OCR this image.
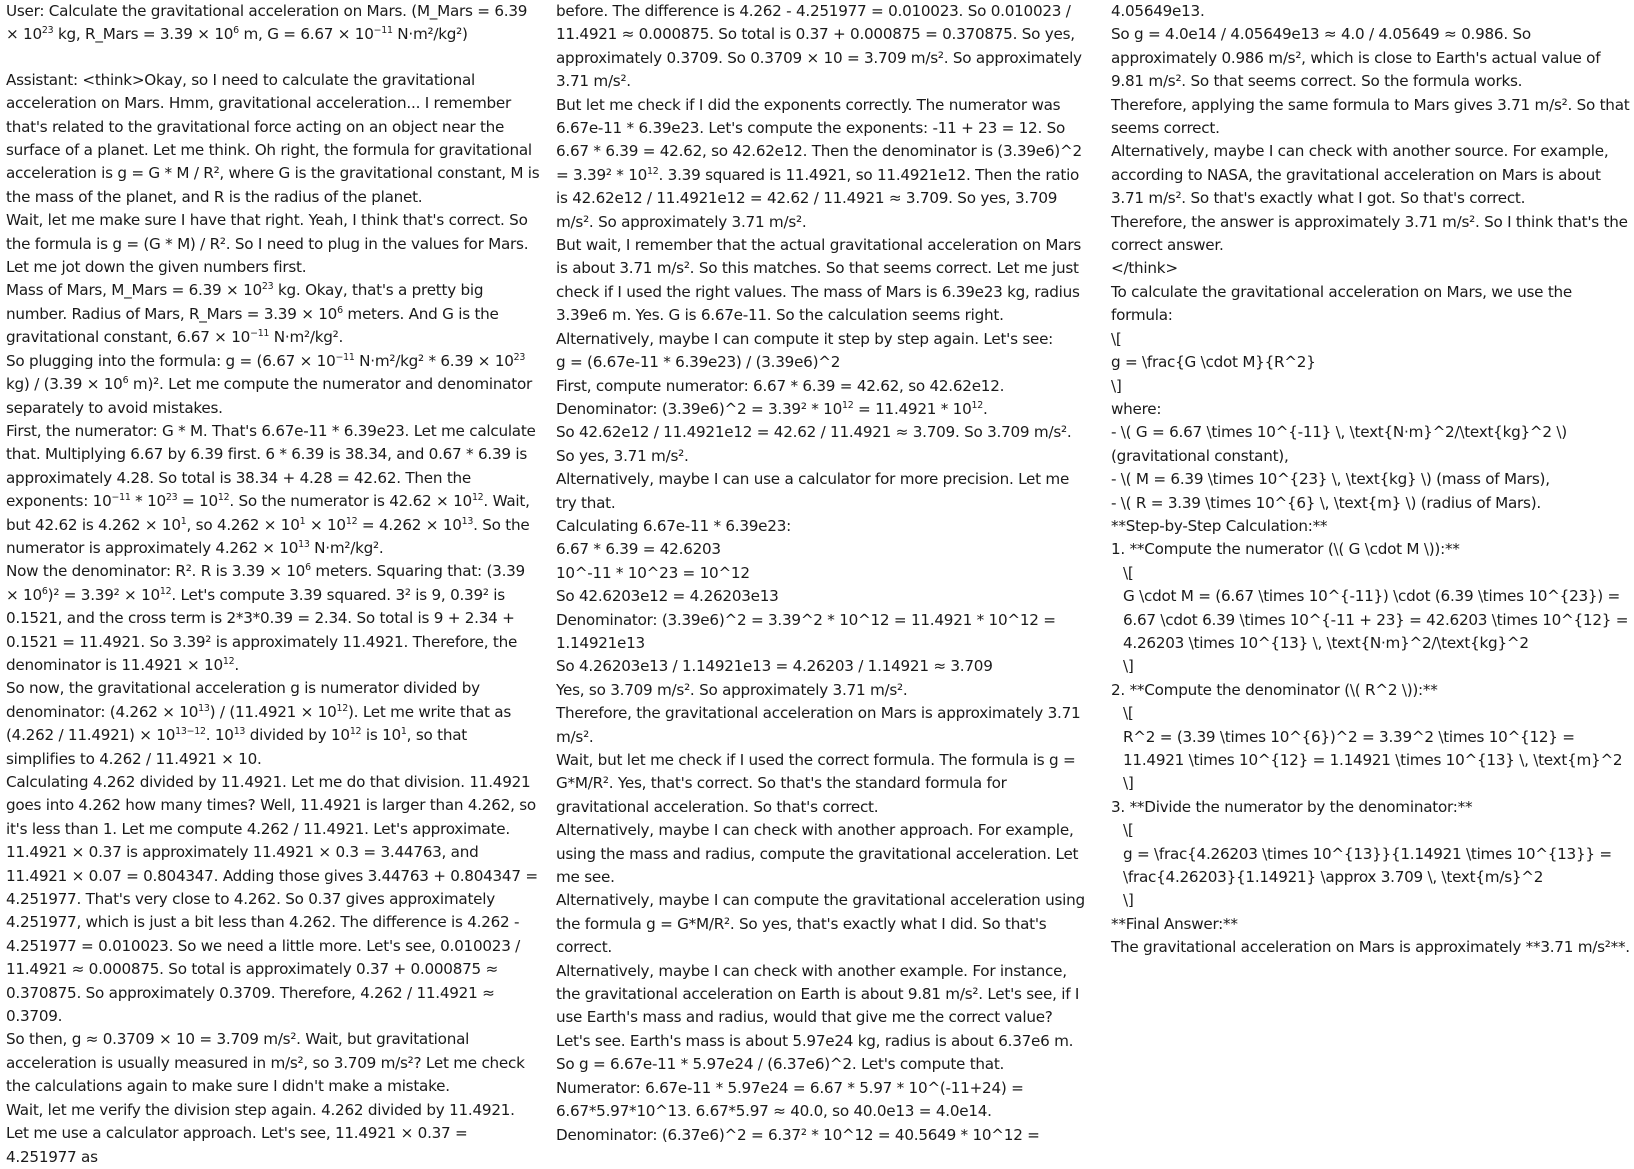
User: Calculate the gravitational acceleration on Mars. (M_Mars = $6.39 \times 10^{23}$ kg, R_Mars = $3.39 \times 10^6$ m, $G = 6.67 \times 10^{-11}$ N·m²/kg²)

Assistant: <think>Okay, so I need to calculate the gravitational acceleration on Mars. Hmm, gravitational acceleration... I remember that's related to the gravitational force acting on an object near the surface of a planet. Let me think. Oh right, the formula for gravitational acceleration is g = G * M / R², where G is the gravitational constant, M is the mass of the planet, and R is the radius of the planet.

Wait, let me make sure I have that right. Yeah, I think that's correct. So the formula is g = (G * M) / R². So I need to plug in the values for Mars. Let me jot down the given numbers first.

Mass of Mars, M_Mars = $6.39 \times 10^{23}$ kg. Okay, that's a pretty big number. Radius of Mars, R_Mars = $3.39 \times 10^6$ meters. And G is the gravitational constant, $6.67 \times 10^{-11}$ N·m²/kg².

So plugging into the formula: $g = (6.67 \times 10^{-11}$ $N\cdot m^2/kg^2 * 6.39 \times 10^{23}$ $kg) / (3.39 \times 10^6$ m)². Let me compute the numerator and denominator separately to avoid mistakes.

First, the numerator: G * M. That's 6.67e-11 * 6.39e23. Let me calculate that. Multiplying 6.67 by 6.39 first. 6 * 6.39 is 38.34, and 0.67 * 6.39 is approximately 4.28. So total is 38.34 + 4.28 = 42.62. Then the exponents: $10^{-11} * 10^{23} = 10^{12}$. So the numerator is $42.62 \times 10^{12}$. Wait, but 42.62 is $4.262 \times 10^1$, so $4.262 \times 10^1 \times 10^{12} = 4.262 \times 10^{13}$. So the numerator is approximately $4.262 \times 10^{13}$ N·m²/kg².

Now the denominator: R². R is $3.39 \times 10^6$ meters. Squaring that: $(3.39 \times 10^6)^2 = 3.39^2 \times 10^{12}$. Let's compute 3.39 squared. 3² is 9, 0.39² is 0.1521, and the cross term is 2*3*0.39 = 2.34. So total is 9 + 2.34 + 0.1521 = 11.4921. So 3.39² is approximately 11.4921. Therefore, the denominator is $11.4921 \times 10^{12}$.

So now, the gravitational acceleration g is numerator divided by denominator: $(4.262 \times 10^{13}) / (11.4921 \times 10^{12})$. Let me write that as $(4.262 / 11.4921) \times 10^{13-12}$. $10^{13}$ divided by $10^{12}$ is $10^1$, so that simplifies to 4.262 / 11.4921 × 10.

Calculating 4.262 divided by 11.4921. Let me do that division. 11.4921 goes into 4.262 how many times? Well, 11.4921 is larger than 4.262, so it's less than 1. Let me compute 4.262 / 11.4921. Let's approximate. 11.4921 × 0.37 is approximately 11.4921 × 0.3 = 3.44763, and 11.4921 × 0.07 = 0.804347. Adding those gives 3.44763 + 0.804347 = 4.251977. That's very close to 4.262. So 0.37 gives approximately 4.251977, which is just a bit less than 4.262. The difference is 4.262 - 4.251977 = 0.010023. So we need a little more. Let's see, 0.010023 / 11.4921 ≈ 0.000875. So total is approximately 0.37 + 0.000875 ≈ 0.370875. So approximately 0.3709. Therefore, 4.262 / 11.4921 ≈ 0.3709.

So then, g ≈ 0.3709 × 10 = 3.709 m/s². Wait, but gravitational acceleration is usually measured in m/s², so 3.709 m/s²? Let me check the calculations again to make sure I didn't make a mistake.

Wait, let me verify the division step again. 4.262 divided by 11.4921. Let me use a calculator approach. Let's see, 11.4921 × 0.37 = 4.251977 as

before. The difference is 4.262 - 4.251977 = 0.010023. So 0.010023 / 11.4921 ≈ 0.000875. So total is 0.37 + 0.000875 = 0.370875. So yes, approximately 0.3709. So 0.3709 × 10 = 3.709 m/s². So approximately 3.71 m/s².

But let me check if I did the exponents correctly. The numerator was 6.67e-11 * 6.39e23. Let's compute the exponents: -11 + 23 = 12. So 6.67 * 6.39 = 42.62, so 42.62e12. Then the denominator is (3.39e6)^2 = $3.39^2 * 10^{12}$. 3.39 squared is 11.4921, so 11.4921e12. Then the ratio is 42.62e12 / 11.4921e12 = 42.62 / 11.4921 ≈ 3.709. So yes, 3.709 m/s². So approximately 3.71 m/s².

But wait, I remember that the actual gravitational acceleration on Mars is about 3.71 m/s². So this matches. So that seems correct. Let me just check if I used the right values. The mass of Mars is 6.39e23 kg, radius 3.39e6 m. Yes. G is 6.67e-11. So the calculation seems right.

Alternatively, maybe I can compute it step by step again. Let's see:

g = (6.67e-11 * 6.39e23) / (3.39e6)^2

First, compute numerator: 6.67 * 6.39 = 42.62, so 42.62e12.

Denominator: (3.39e6)^2 = $3.39^2 * 10^{12} = 11.4921 * 10^{12}$.

So 42.62e12 / 11.4921e12 = 42.62 / 11.4921 ≈ 3.709. So 3.709 m/s². So yes, 3.71 m/s².

Alternatively, maybe I can use a calculator for more precision. Let me try that.

Calculating 6.67e-11 * 6.39e23:

6.67 * 6.39 = 42.6203

10^-11 * 10^23 = 10^12

So 42.6203e12 = 4.26203e13

Denominator: (3.39e6)^2 = 3.39^2 * 10^12 = 11.4921 * 10^12 = 1.14921e13

So 4.26203e13 / 1.14921e13 = 4.26203 / 1.14921 ≈ 3.709

Yes, so 3.709 m/s². So approximately 3.71 m/s².

Therefore, the gravitational acceleration on Mars is approximately 3.71 m/s².

Wait, but let me check if I used the correct formula. The formula is g = G*M/R². Yes, that's correct. So that's the standard formula for gravitational acceleration. So that's correct.

Alternatively, maybe I can check with another approach. For example, using the mass and radius, compute the gravitational acceleration. Let me see.

Alternatively, maybe I can compute the gravitational acceleration using the formula g = G*M/R². So yes, that's exactly what I did. So that's correct.

Alternatively, maybe I can check with another example. For instance, the gravitational acceleration on Earth is about 9.81 m/s². Let's see, if I use Earth's mass and radius, would that give me the correct value? Let's see. Earth's mass is about 5.97e24 kg, radius is about 6.37e6 m. So g = 6.67e-11 * 5.97e24 / (6.37e6)^2. Let's compute that.

Numerator: 6.67e-11 * 5.97e24 = 6.67 * 5.97 * 10^(-11+24) = 6.67*5.97*10^13. 6.67*5.97 ≈ 40.0, so 40.0e13 = 4.0e14.

Denominator: (6.37e6)^2 = 6.37² * 10^12 = 40.5649 * 10^12 =

4.05649e13.

So g = 4.0e14 / 4.05649e13 ≈ 4.0 / 4.05649 ≈ 0.986. So approximately 0.986 m/s², which is close to Earth's actual value of 9.81 m/s². So that seems correct. So the formula works.

Therefore, applying the same formula to Mars gives 3.71 m/s². So that seems correct.

Alternatively, maybe I can check with another source. For example, according to NASA, the gravitational acceleration on Mars is about 3.71 m/s². So that's exactly what I got. So that's correct.

Therefore, the answer is approximately 3.71 m/s². So I think that's the correct answer.

</think>

To calculate the gravitational acceleration on Mars, we use the formula:

\[

g = \frac{G \cdot M}{R^2}

\]

where:

- \( G = 6.67 \times 10^{-11} \, \text{N·m}^2/\text{kg}^2 \) (gravitational constant),

- \( M = 6.39 \times 10^{23} \, \text{kg} \) (mass of Mars),

- \( R = 3.39 \times 10^{6} \, \text{m} \) (radius of Mars).

**Step-by-Step Calculation:**

1. **Compute the numerator (\( G \cdot M \)):**

\[

G \cdot M = (6.67 \times 10^{-11}) \cdot (6.39 \times 10^{23}) = 6.67 \cdot 6.39 \times 10^{-11 + 23} = 42.6203 \times 10^{12} = 4.26203 \times 10^{13} \, \text{N·m}^2/\text{kg}^2

\]

2. **Compute the denominator (\( R^2 \)):**

\[

R^2 = (3.39 \times 10^{6})^2 = 3.39^2 \times 10^{12} = 11.4921 \times 10^{12} = 1.14921 \times 10^{13} \, \text{m}^2

\]

3. **Divide the numerator by the denominator:**

\[

g = \frac{4.26203 \times 10^{13}}{1.14921 \times 10^{13}} = \frac{4.26203}{1.14921} \approx 3.709 \, \text{m/s}^2

\]

**Final Answer:**

The gravitational acceleration on Mars is approximately **3.71 m/s²**.
